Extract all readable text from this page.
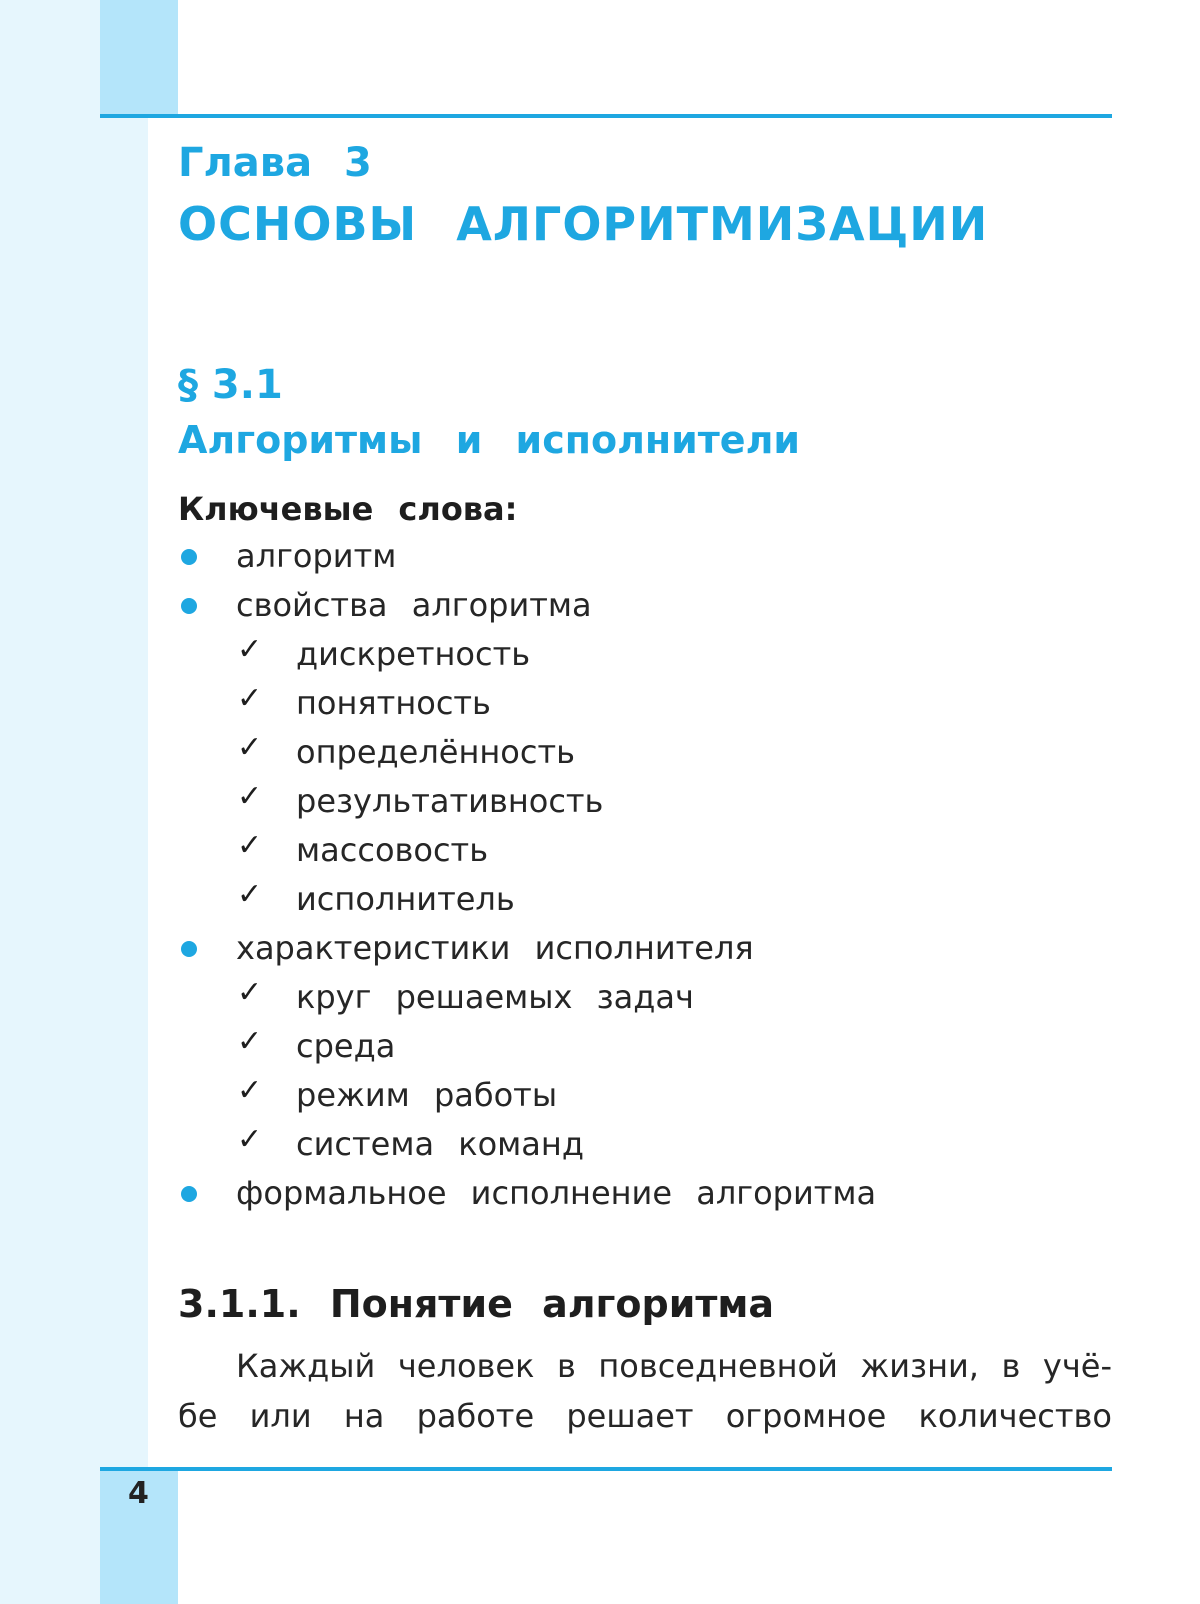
4
Глава 3
ОСНОВЫ АЛГОРИТМИЗАЦИИ
§ 3.1
Алгоритмы и исполнители
Ключевые слова:
алгоритм
свойства алгоритма
✓ дискретность
✓ понятность
✓ определённость
✓ результативность
✓ массовость
✓ исполнитель
характеристики исполнителя
✓ круг решаемых задач
✓ среда
✓ режим работы
✓ система команд
формальное исполнение алгоритма
3.1.1. Понятие алгоритма
Каждый человек в повседневной жизни, в учё-
бе или на работе решает огромное количество
